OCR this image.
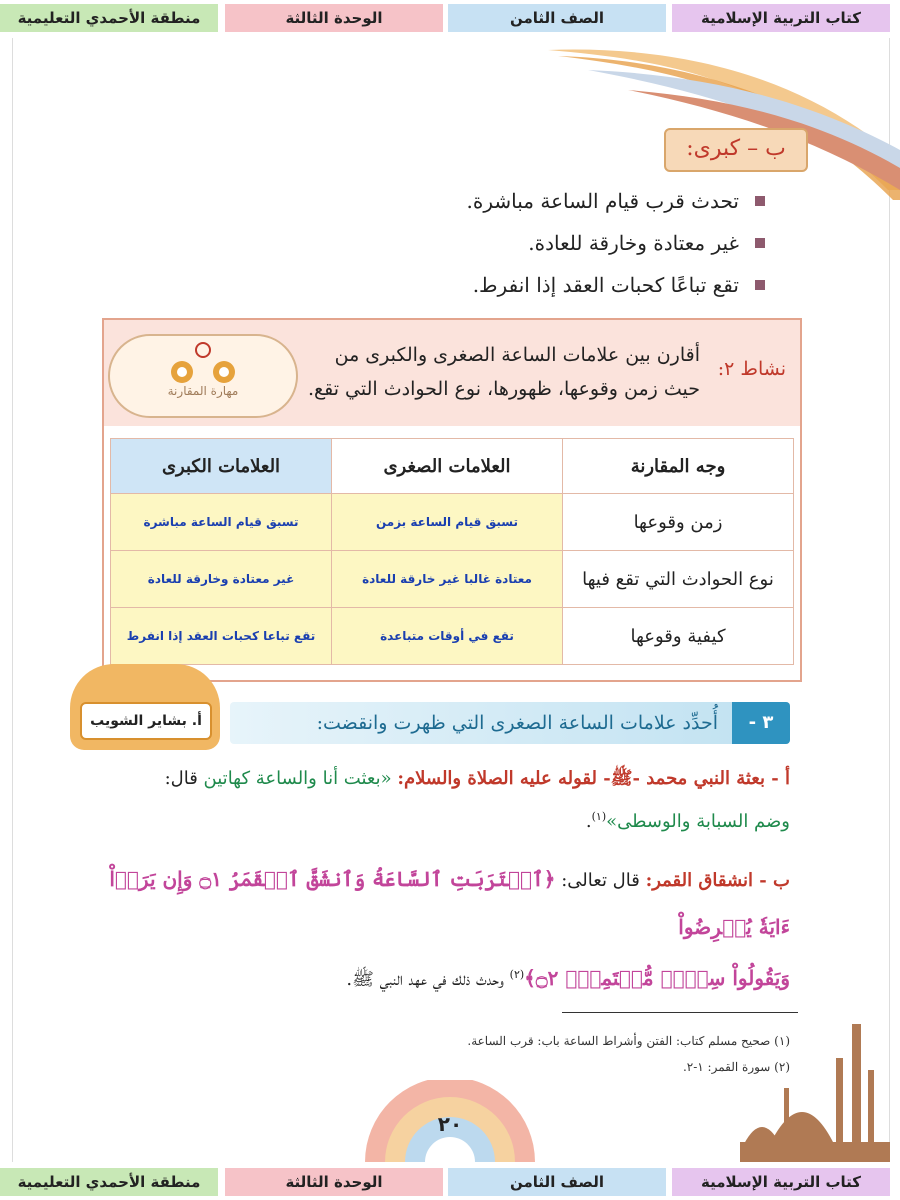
كتاب التربية الإسلامية
الصف الثامن
الوحدة الثالثة
منطقة الأحمدي التعليمية
ب – كبرى:
تحدث قرب قيام الساعة مباشرة.
غير معتادة وخارقة للعادة.
تقع تباعًا كحبات العقد إذا انفرط.
نشاط ٢:
أقارن بين علامات الساعة الصغرى والكبرى من
حيث زمن وقوعها، ظهورها، نوع الحوادث التي تقع.
مهارة المقارنة
وجه المقارنة	العلامات الصغرى	العلامات الكبرى
زمن وقوعها	تسبق قيام الساعة بزمن	تسبق قيام الساعة مباشرة
نوع الحوادث التي تقع فيها	معتادة غالبا غير خارقة للعادة	غير معتادة وخارقة للعادة
كيفية وقوعها	تقع في أوقات متباعدة	تقع تباعا كحبات العقد إذا انفرط
أ. بشاير الشويب	٣ -
أُحدِّد علامات الساعة الصغرى التي ظهرت وانقضت:
أ - بعثة النبي محمد -ﷺ- لقوله عليه الصلاة والسلام: «بعثت أنا والساعة كهاتين قال:
وضم السبابة والوسطى»$^{(١)}$.
ب - انشقاق القمر: قال تعالى: ﴿ٱقۡتَرَبَتِ ٱلسَّاعَةُ وَٱنشَقَّ ٱلۡقَمَرُ ۝١ وَإِن يَرَوۡاْ ءَايَةٗ يُعۡرِضُواْ
وَيَقُولُواْ سِحۡرٞ مُّسۡتَمِرّٞ ۝٢﴾$^{(٢)}$ وحدث ذلك في عهد النبي ﷺ.
(١) صحيح مسلم كتاب: الفتن وأشراط الساعة باب: قرب الساعة.
(٢) سورة القمر: ١-٢.
٢٠
كتاب التربية الإسلامية
الصف الثامن
الوحدة الثالثة
منطقة الأحمدي التعليمية
